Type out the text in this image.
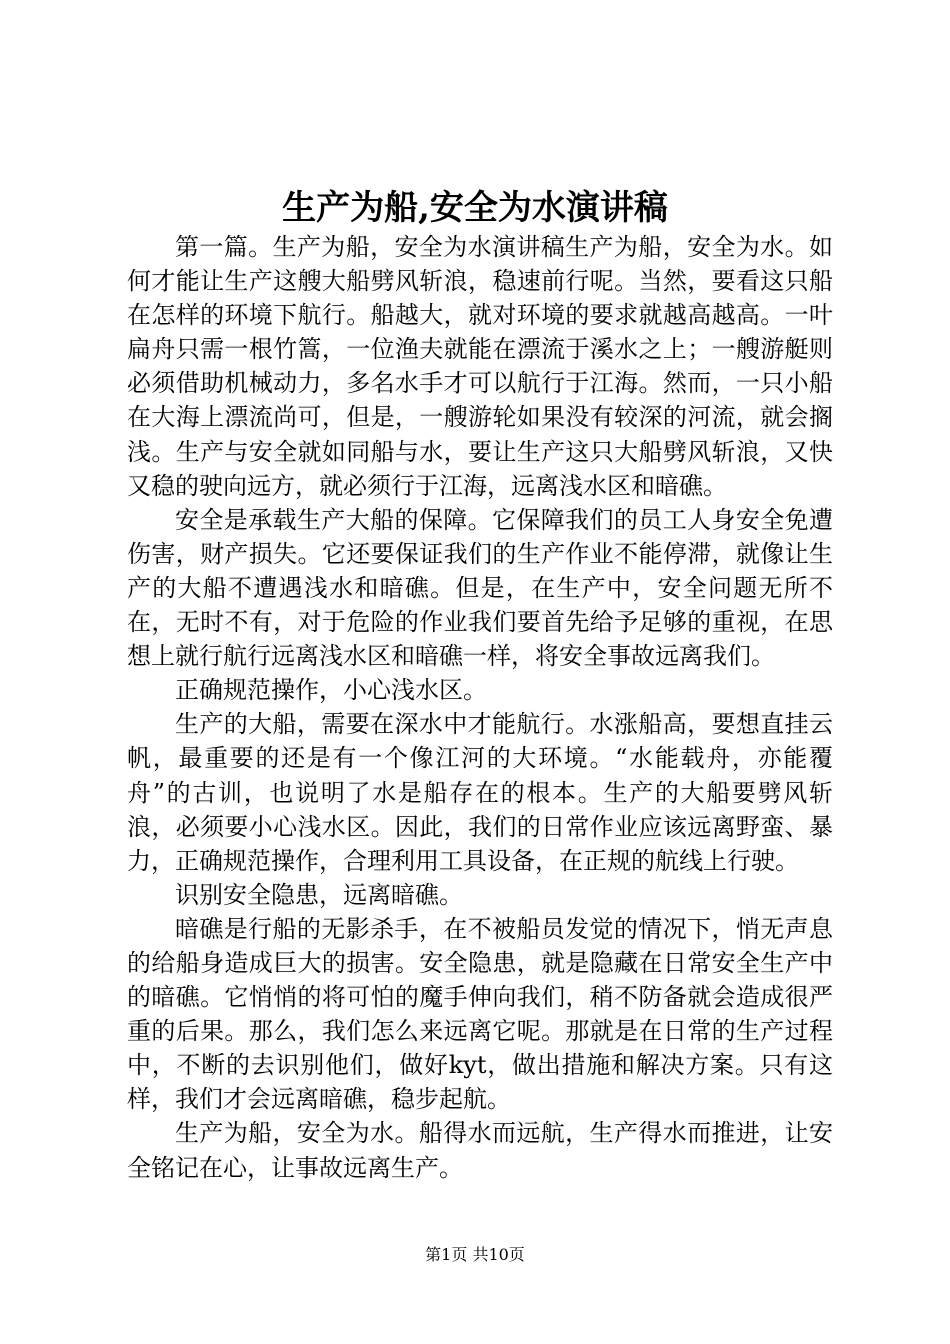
生产为船,安全为水演讲稿

第一篇。生产为船，安全为水演讲稿生产为船，安全为水。如何才能让生产这艘大船劈风斩浪，稳速前行呢。当然，要看这只船在怎样的环境下航行。船越大，就对环境的要求就越高越高。一叶扁舟只需一根竹篙，一位渔夫就能在漂流于溪水之上；一艘游艇则必须借助机械动力，多名水手才可以航行于江海。然而，一只小船在大海上漂流尚可，但是，一艘游轮如果没有较深的河流，就会搁浅。生产与安全就如同船与水，要让生产这只大船劈风斩浪，又快又稳的驶向远方，就必须行于江海，远离浅水区和暗礁。

安全是承载生产大船的保障。它保障我们的员工人身安全免遭伤害，财产损失。它还要保证我们的生产作业不能停滞，就像让生产的大船不遭遇浅水和暗礁。但是，在生产中，安全问题无所不在，无时不有，对于危险的作业我们要首先给予足够的重视，在思想上就行航行远离浅水区和暗礁一样，将安全事故远离我们。

正确规范操作，小心浅水区。

生产的大船，需要在深水中才能航行。水涨船高，要想直挂云帆，最重要的还是有一个像江河的大环境。“水能载舟，亦能覆舟”的古训，也说明了水是船存在的根本。生产的大船要劈风斩浪，必须要小心浅水区。因此，我们的日常作业应该远离野蛮、暴力，正确规范操作，合理利用工具设备，在正规的航线上行驶。

识别安全隐患，远离暗礁。

暗礁是行船的无影杀手，在不被船员发觉的情况下，悄无声息的给船身造成巨大的损害。安全隐患，就是隐藏在日常安全生产中的暗礁。它悄悄的将可怕的魔手伸向我们，稍不防备就会造成很严重的后果。那么，我们怎么来远离它呢。那就是在日常的生产过程中，不断的去识别他们，做好kyt，做出措施和解决方案。只有这样，我们才会远离暗礁，稳步起航。

生产为船，安全为水。船得水而远航，生产得水而推进，让安全铭记在心，让事故远离生产。

第1页 共10页
